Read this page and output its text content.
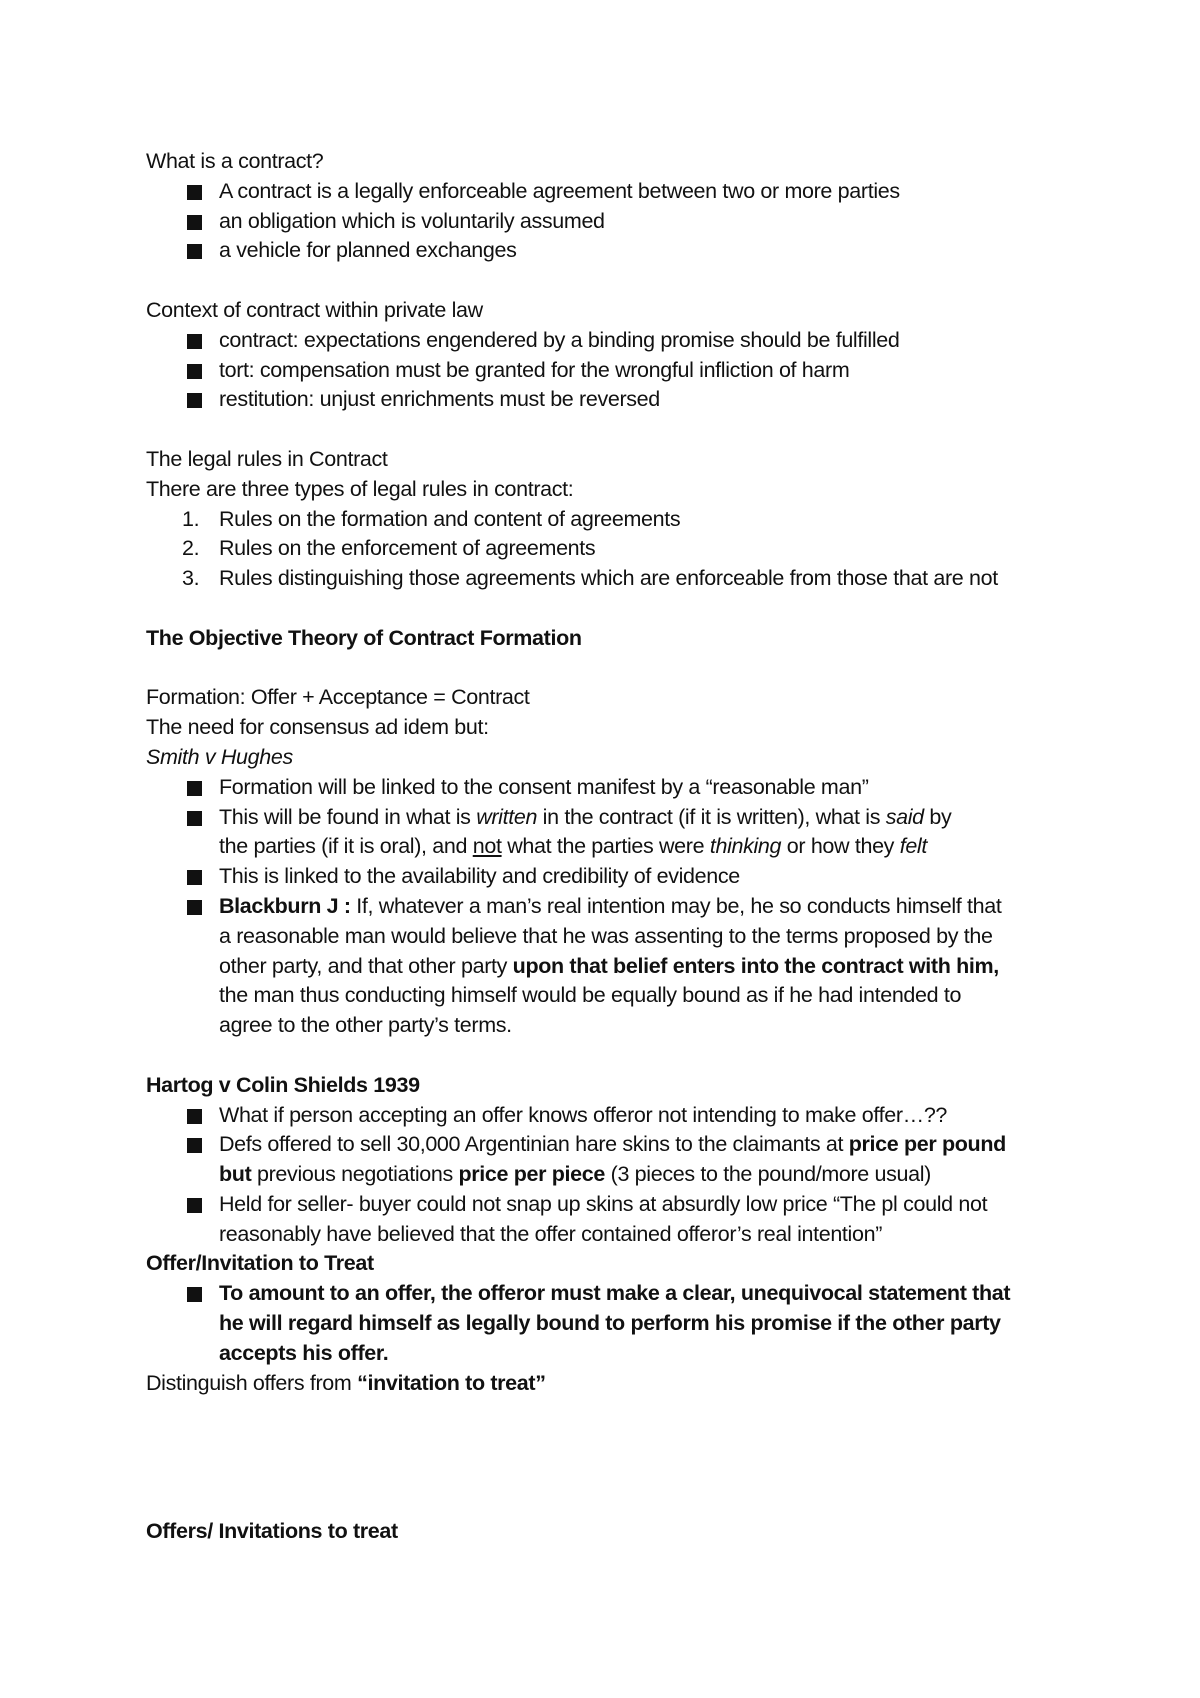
What is a contract?
A contract is a legally enforceable agreement between two or more parties
an obligation which is voluntarily assumed
a vehicle for planned exchanges
Context of contract within private law
contract: expectations engendered by a binding promise should be fulfilled
tort: compensation must be granted for the wrongful infliction of harm
restitution: unjust enrichments must be reversed
The legal rules in Contract
There are three types of legal rules in contract:
1. Rules on the formation and content of agreements
2. Rules on the enforcement of agreements
3. Rules distinguishing those agreements which are enforceable from those that are not
The Objective Theory of Contract Formation
Formation: Offer + Acceptance = Contract
The need for consensus ad idem but:
Smith v Hughes
Formation will be linked to the consent manifest by a “reasonable man”
This will be found in what is written in the contract (if it is written), what is said by
the parties (if it is oral), and not what the parties were thinking or how they felt
This is linked to the availability and credibility of evidence
Blackburn J : If, whatever a man’s real intention may be, he so conducts himself that
a reasonable man would believe that he was assenting to the terms proposed by the
other party, and that other party upon that belief enters into the contract with him,
the man thus conducting himself would be equally bound as if he had intended to
agree to the other party’s terms.
Hartog v Colin Shields 1939
What if person accepting an offer knows offeror not intending to make offer…??
Defs offered to sell 30,000 Argentinian hare skins to the claimants at price per pound
but previous negotiations price per piece (3 pieces to the pound/more usual)
Held for seller- buyer could not snap up skins at absurdly low price “The pl could not
reasonably have believed that the offer contained offeror’s real intention”
Offer/Invitation to Treat
To amount to an offer, the offeror must make a clear, unequivocal statement that
he will regard himself as legally bound to perform his promise if the other party
accepts his offer.
Distinguish offers from “invitation to treat”
Offers/ Invitations to treat
